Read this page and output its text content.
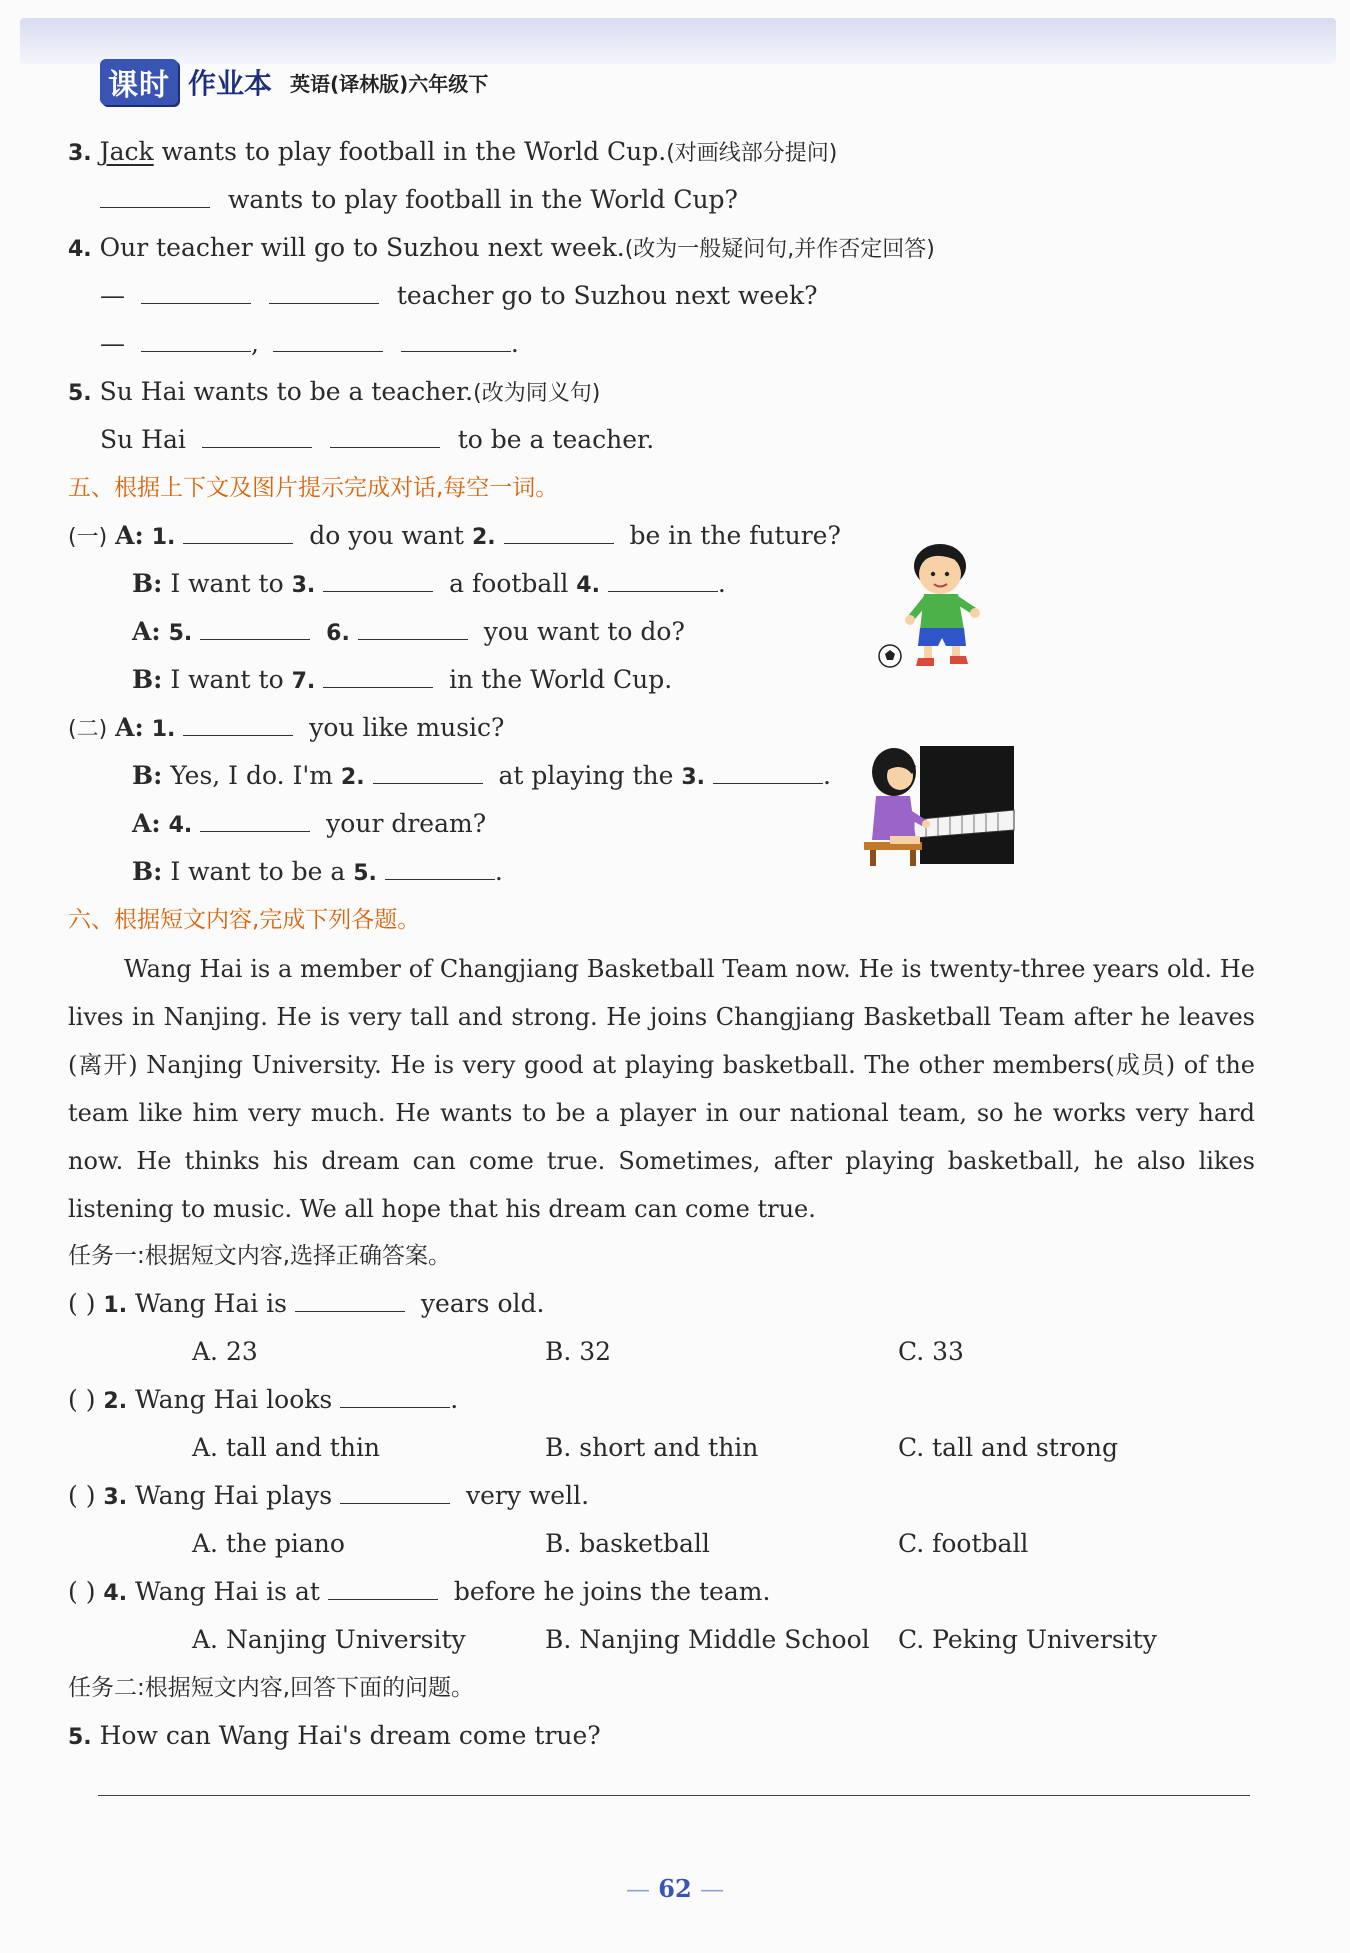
课时 作业本 英语(译林版)六年级下
3. Jack wants to play football in the World Cup.(对画线部分提问)
wants to play football in the World Cup?
4. Our teacher will go to Suzhou next week.(改为一般疑问句,并作否定回答)
—	teacher go to Suzhou next week?
—	,	.
5. Su Hai wants to be a teacher.(改为同义句)
Su Hai	to be a teacher.
五、根据上下文及图片提示完成对话,每空一词。
(一) A: 1.	do you want 2.	be in the future?
B: I want to 3.	a football 4.	.
A: 5.	6.	you want to do?
B: I want to 7.	in the World Cup.
(二) A: 1.	you like music?
B: Yes, I do. I'm 2.	at playing the 3.	.
A: 4.	your dream?
B: I want to be a 5.	.
六、根据短文内容,完成下列各题。
Wang Hai is a member of Changjiang Basketball Team now. He is twenty-three years old. He lives in Nanjing. He is very tall and strong. He joins Changjiang Basketball Team after he leaves (离开) Nanjing University. He is very good at playing basketball. The other members(成员) of the team like him very much. He wants to be a player in our national team, so he works very hard now. He thinks his dream can come true. Sometimes, after playing basketball, he also likes listening to music. We all hope that his dream can come true.
任务一:根据短文内容,选择正确答案。
( ) 1. Wang Hai is	years old.
A. 23	B. 32	C. 33
( ) 2. Wang Hai looks	.
A. tall and thin	B. short and thin	C. tall and strong
( ) 3. Wang Hai plays	very well.
A. the piano	B. basketball	C. football
( ) 4. Wang Hai is at	before he joins the team.
A. Nanjing University	B. Nanjing Middle School C. Peking University
任务二:根据短文内容,回答下面的问题。
5. How can Wang Hai's dream come true?
— 62 —
